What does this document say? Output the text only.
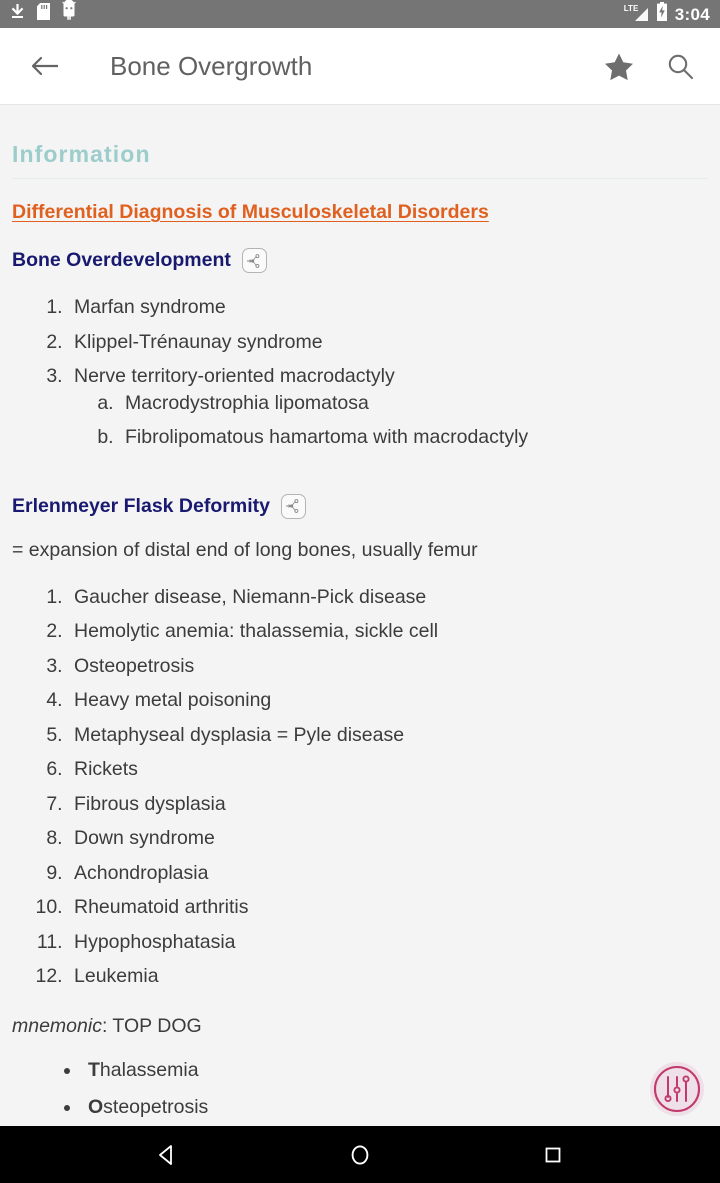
LTE 3:04
Bone Overgrowth
Information
Differential Diagnosis of Musculoskeletal Disorders
Bone Overdevelopment
1. Marfan syndrome
2. Klippel-Trénaunay syndrome
3. Nerve territory-oriented macrodactyly
a. Macrodystrophia lipomatosa
b. Fibrolipomatous hamartoma with macrodactyly
Erlenmeyer Flask Deformity

= expansion of distal end of long bones, usually femur

1. Gaucher disease, Niemann-Pick disease
2. Hemolytic anemia: thalassemia, sickle cell
3. Osteopetrosis
4. Heavy metal poisoning
5. Metaphyseal dysplasia = Pyle disease
6. Rickets
7. Fibrous dysplasia
8. Down syndrome
9. Achondroplasia
10. Rheumatoid arthritis
11. Hypophosphatasia
12. Leukemia

mnemonic: TOP DOG

• Thalassemia
• Osteopetrosis
